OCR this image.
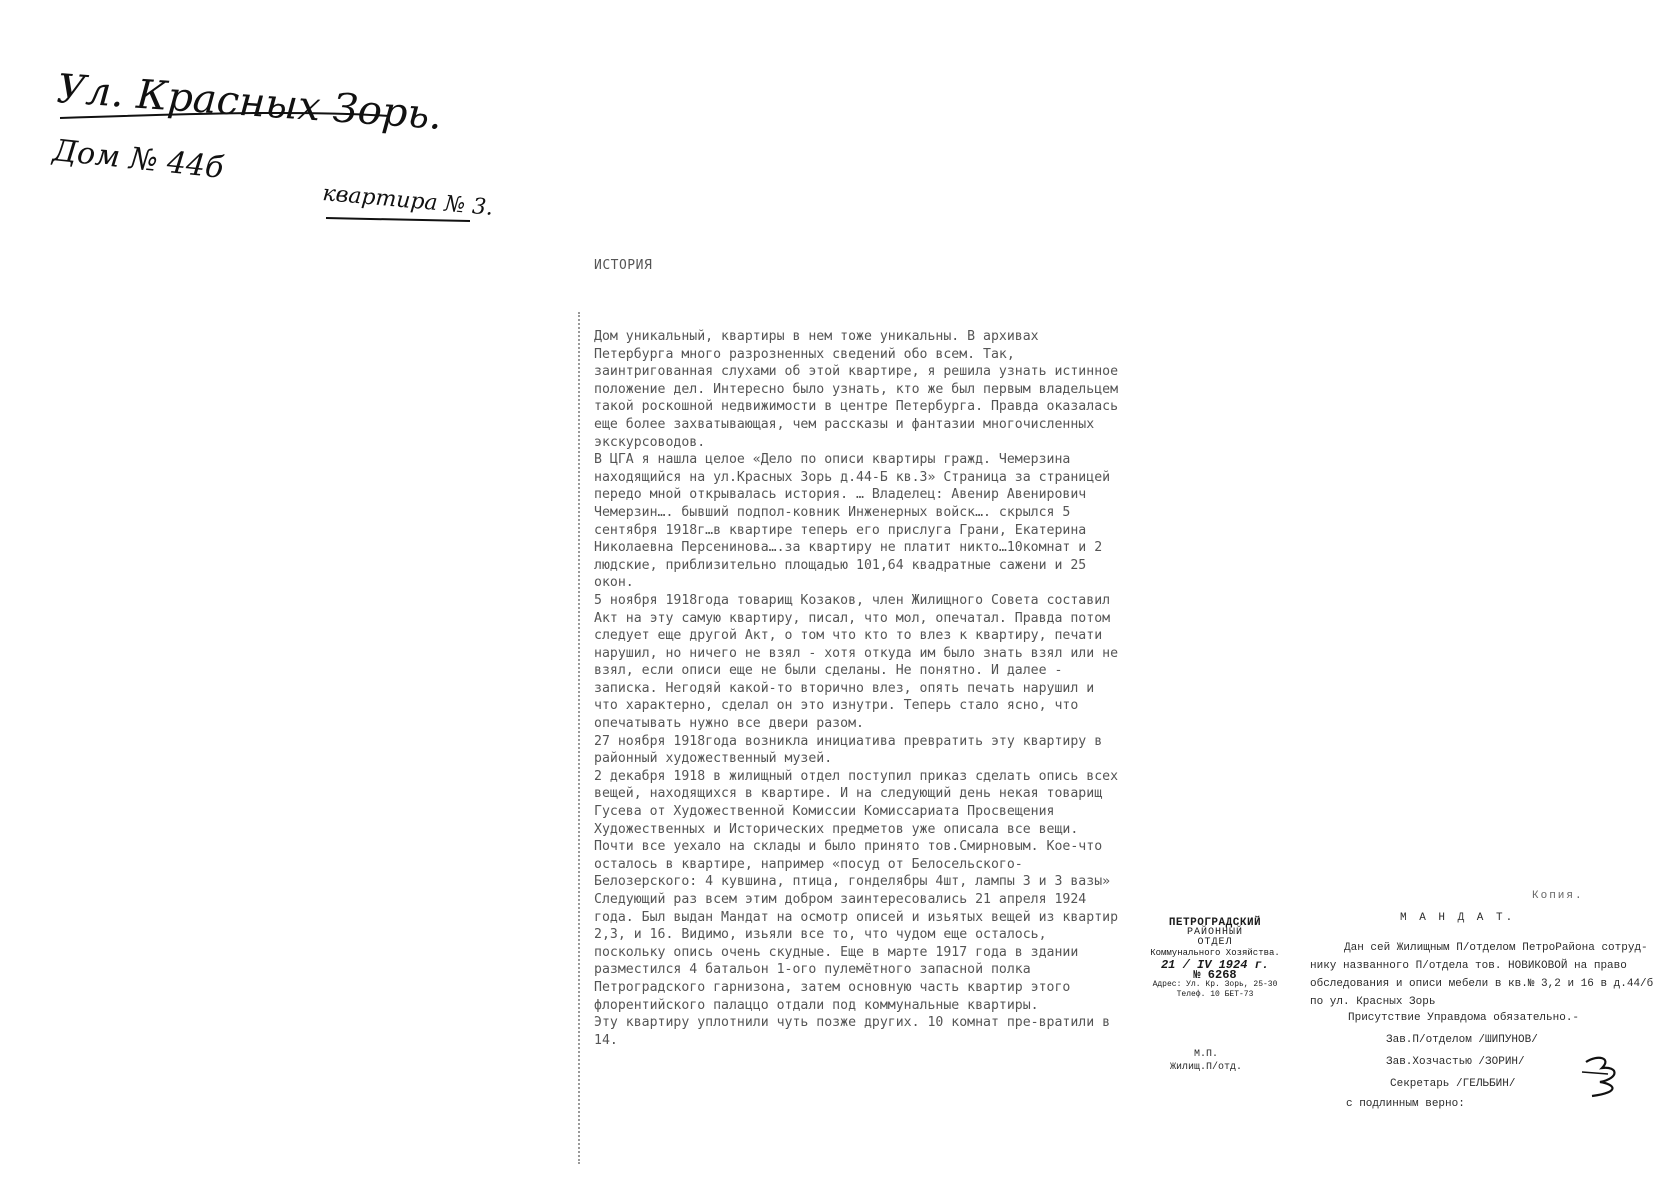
Ул. Красных Зорь.
Дом № 44б
квартира № 3.
ИСТОРИЯ

Дом уникальный, квартиры в нем тоже уникальны. В архивах Петербурга много разрозненных сведений обо всем. Так, заинтригованная слухами об этой квартире, я решила узнать истинное положение дел. Интересно было узнать, кто же был первым владельцем такой роскошной недвижимости в центре Петербурга. Правда оказалась еще более захватывающая, чем рассказы и фантазии многочисленных экскурсоводов.

В ЦГА я нашла целое «Дело по описи квартиры гражд. Чемерзина находящийся на ул.Красных Зорь д.44-Б кв.3» Страница за страницей передо мной открывалась история. … Владелец: Авенир Авенирович Чемерзин…. бывший подпол-ковник Инженерных войск…. скрылся 5 сентября 1918г…в квартире теперь его прислуга Грани, Екатерина Николаевна Персенинова….за квартиру не платит никто…10комнат и 2 людские, приблизительно площадью 101,64 квадратные сажени и 25 окон.

5 ноября 1918года товарищ Козаков, член Жилищного Совета составил Акт на эту самую квартиру, писал, что мол, опечатал. Правда потом следует еще другой Акт, о том что кто то влез к квартиру, печати нарушил, но ничего не взял - хотя откуда им было знать взял или не взял, если описи еще не были сделаны. Не понятно. И далее - записка. Негодяй какой-то вторично влез, опять печать нарушил и что характерно, сделал он это изнутри. Теперь стало ясно, что опечатывать нужно все двери разом.

27 ноября 1918года возникла инициатива превратить эту квартиру в районный художественный музей.

2 декабря 1918 в жилищный отдел поступил приказ сделать опись всех вещей, находящихся в квартире. И на следующий день некая товарищ Гусева от Художественной Комиссии Комиссариата Просвещения Художественных и Исторических предметов уже описала все вещи. Почти все уехало на склады и было принято тов.Смирновым. Кое-что осталось в квартире, например «посуд от Белосельского-Белозерского: 4 кувшина, птица, гонделябры 4шт, лампы 3 и 3 вазы»

Следующий раз всем этим добром заинтересовались 21 апреля 1924 года. Был выдан Мандат на осмотр описей и изьятых вещей из квартир 2,3, и 16. Видимо, изьяли все то, что чудом еще осталось, поскольку опись очень скудные. Еще в марте 1917 года в здании разместился 4 батальон 1-ого пулемётного запасной полка Петроградского гарнизона, затем основную часть квартир этого флорентийского палаццо отдали под коммунальные квартиры.

Эту квартиру уплотнили чуть позже других. 10 комнат пре-вратили в 14.

Копия.
М А Н Д А Т.
ПЕТРОГРАДСКИЙ
РАЙОННЫЙ
ОТДЕЛ
Коммунального Хозяйства.
21 / IV 1924 г.
№ 6268
Адрес: Ул. Кр. Зорь, 25-30
Телеф. 10 БЕТ-73
Дан сей Жилищным П/отделом ПетроРайона сотруд-
нику названного П/отдела тов. НОВИКОВОЙ на право
обследования и описи мебели в кв.№ 3,2 и 16 в д.44/б
по ул. Красных Зорь
Присутствие Управдома обязательно.-
Зав.П/отделом /ШИПУНОВ/
Зав.Хозчастью /ЗОРИН/
Секретарь /ГЕЛЬБИН/
с подлинным верно:
М.П.
Жилищ.П/отд.
